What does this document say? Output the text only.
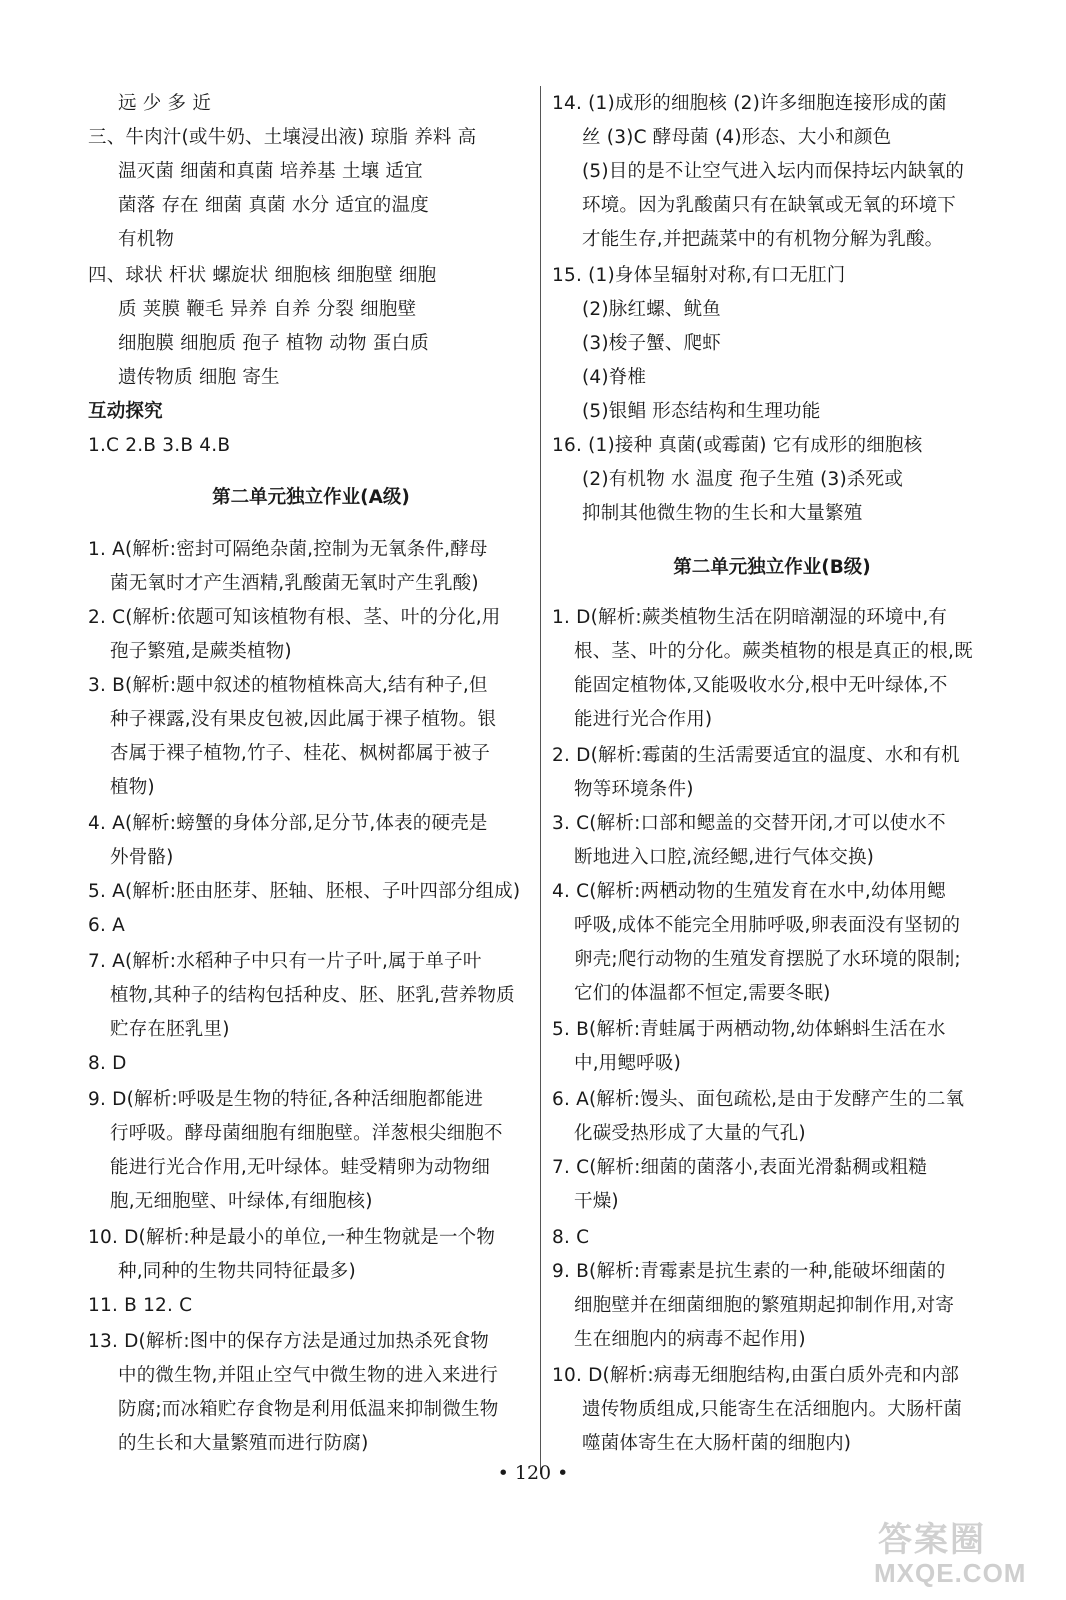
远 少 多 近
三、牛肉汁(或牛奶、土壤浸出液) 琼脂 养料 高
温灭菌 细菌和真菌 培养基 土壤 适宜
菌落 存在 细菌 真菌 水分 适宜的温度
有机物
四、球状 杆状 螺旋状 细胞核 细胞壁 细胞
质 荚膜 鞭毛 异养 自养 分裂 细胞壁
细胞膜 细胞质 孢子 植物 动物 蛋白质
遗传物质 细胞 寄生
互动探究
1.C 2.B 3.B 4.B
1. A(解析:密封可隔绝杂菌,控制为无氧条件,酵母
菌无氧时才产生酒精,乳酸菌无氧时产生乳酸)
2. C(解析:依题可知该植物有根、茎、叶的分化,用
孢子繁殖,是蕨类植物)
3. B(解析:题中叙述的植物植株高大,结有种子,但
种子裸露,没有果皮包被,因此属于裸子植物。银
杏属于裸子植物,竹子、桂花、枫树都属于被子
植物)
4. A(解析:螃蟹的身体分部,足分节,体表的硬壳是
外骨骼)
5. A(解析:胚由胚芽、胚轴、胚根、子叶四部分组成)
6. A
7. A(解析:水稻种子中只有一片子叶,属于单子叶
植物,其种子的结构包括种皮、胚、胚乳,营养物质
贮存在胚乳里)
8. D
9. D(解析:呼吸是生物的特征,各种活细胞都能进
行呼吸。酵母菌细胞有细胞壁。洋葱根尖细胞不
能进行光合作用,无叶绿体。蛙受精卵为动物细
胞,无细胞壁、叶绿体,有细胞核)
10. D(解析:种是最小的单位,一种生物就是一个物
种,同种的生物共同特征最多)
11. B 12. C
13. D(解析:图中的保存方法是通过加热杀死食物
中的微生物,并阻止空气中微生物的进入来进行
防腐;而冰箱贮存食物是利用低温来抑制微生物
的生长和大量繁殖而进行防腐)
第二单元独立作业(A级)
14. (1)成形的细胞核 (2)许多细胞连接形成的菌
丝 (3)C 酵母菌 (4)形态、大小和颜色
(5)目的是不让空气进入坛内而保持坛内缺氧的
环境。因为乳酸菌只有在缺氧或无氧的环境下
才能生存,并把蔬菜中的有机物分解为乳酸。
15. (1)身体呈辐射对称,有口无肛门
(2)脉红螺、鱿鱼
(3)梭子蟹、爬虾
(4)脊椎
(5)银鲳 形态结构和生理功能
16. (1)接种 真菌(或霉菌) 它有成形的细胞核
(2)有机物 水 温度 孢子生殖 (3)杀死或
抑制其他微生物的生长和大量繁殖
1. D(解析:蕨类植物生活在阴暗潮湿的环境中,有
根、茎、叶的分化。蕨类植物的根是真正的根,既
能固定植物体,又能吸收水分,根中无叶绿体,不
能进行光合作用)
2. D(解析:霉菌的生活需要适宜的温度、水和有机
物等环境条件)
3. C(解析:口部和鳃盖的交替开闭,才可以使水不
断地进入口腔,流经鳃,进行气体交换)
4. C(解析:两栖动物的生殖发育在水中,幼体用鳃
呼吸,成体不能完全用肺呼吸,卵表面没有坚韧的
卵壳;爬行动物的生殖发育摆脱了水环境的限制;
它们的体温都不恒定,需要冬眠)
5. B(解析:青蛙属于两栖动物,幼体蝌蚪生活在水
中,用鳃呼吸)
6. A(解析:馒头、面包疏松,是由于发酵产生的二氧
化碳受热形成了大量的气孔)
7. C(解析:细菌的菌落小,表面光滑黏稠或粗糙
干燥)
8. C
9. B(解析:青霉素是抗生素的一种,能破坏细菌的
细胞壁并在细菌细胞的繁殖期起抑制作用,对寄
生在细胞内的病毒不起作用)
10. D(解析:病毒无细胞结构,由蛋白质外壳和内部
遗传物质组成,只能寄生在活细胞内。大肠杆菌
噬菌体寄生在大肠杆菌的细胞内)
第二单元独立作业(B级)
• 120 •
答案圈
MXQE.COM
